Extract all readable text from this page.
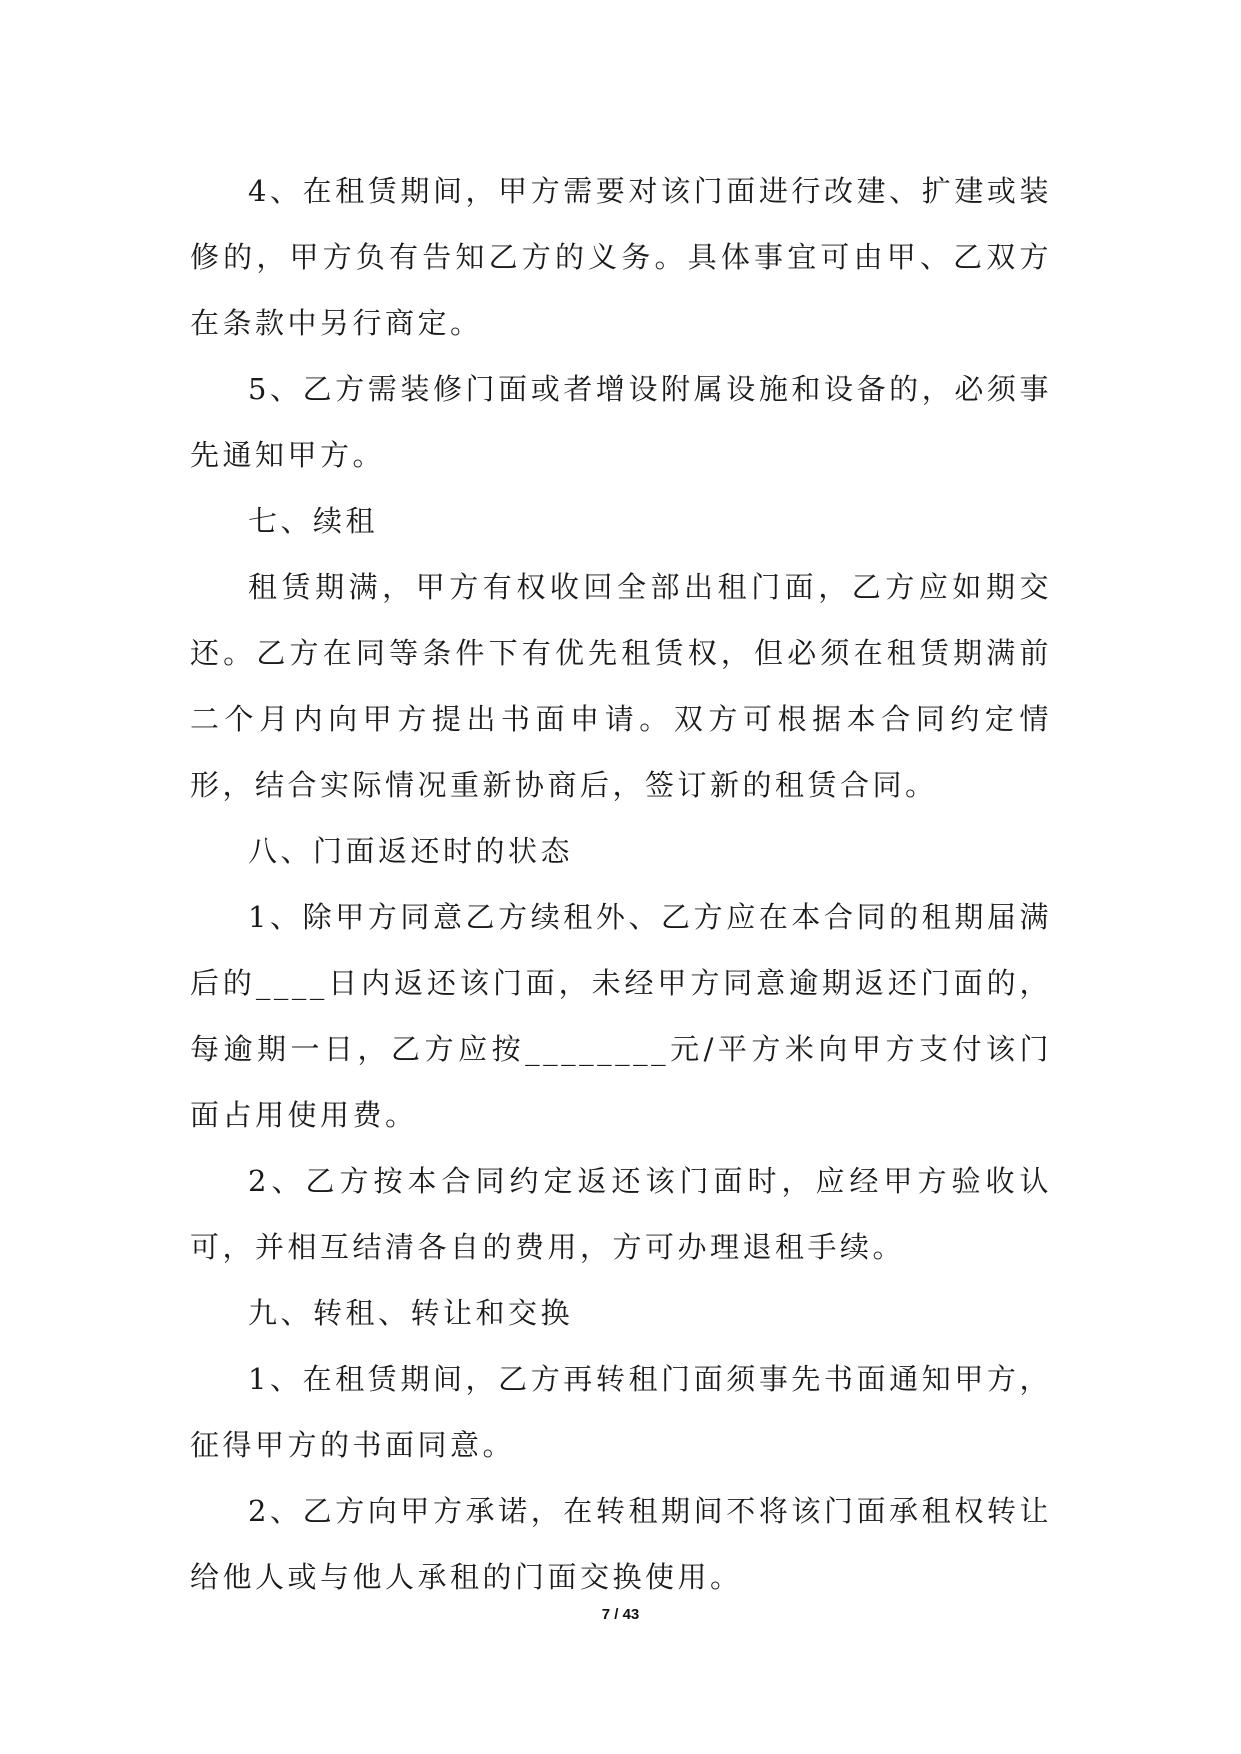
4、在租赁期间，甲方需要对该门面进行改建、扩建或装修的，甲方负有告知乙方的义务。具体事宜可由甲、乙双方在条款中另行商定。

5、乙方需装修门面或者增设附属设施和设备的，必须事先通知甲方。

七、续租

租赁期满，甲方有权收回全部出租门面，乙方应如期交还。乙方在同等条件下有优先租赁权，但必须在租赁期满前二个月内向甲方提出书面申请。双方可根据本合同约定情形，结合实际情况重新协商后，签订新的租赁合同。

八、门面返还时的状态

1、除甲方同意乙方续租外、乙方应在本合同的租期届满后的____日内返还该门面，未经甲方同意逾期返还门面的，每逾期一日，乙方应按________元/平方米向甲方支付该门面占用使用费。

2、乙方按本合同约定返还该门面时，应经甲方验收认可，并相互结清各自的费用，方可办理退租手续。

九、转租、转让和交换

1、在租赁期间，乙方再转租门面须事先书面通知甲方，征得甲方的书面同意。

2、乙方向甲方承诺，在转租期间不将该门面承租权转让给他人或与他人承租的门面交换使用。

7 / 43
